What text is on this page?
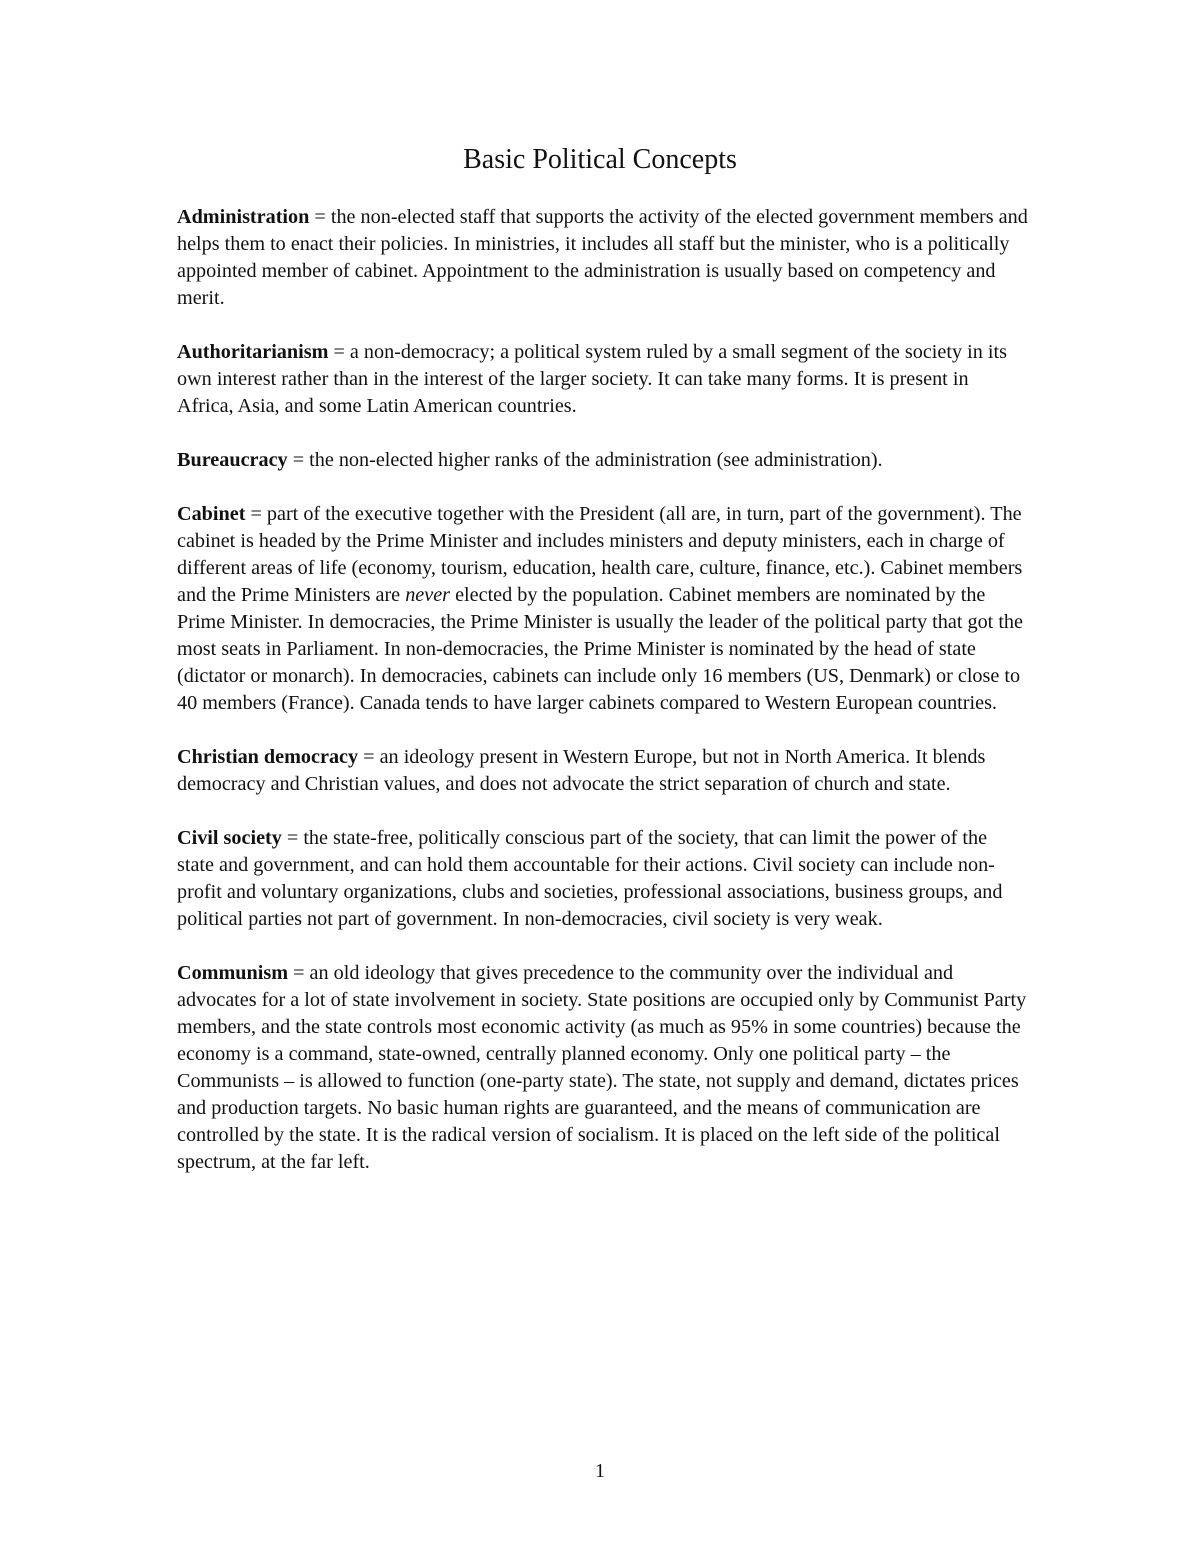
Basic Political Concepts

Administration = the non-elected staff that supports the activity of the elected government members and helps them to enact their policies. In ministries, it includes all staff but the minister, who is a politically appointed member of cabinet. Appointment to the administration is usually based on competency and merit.

Authoritarianism = a non-democracy; a political system ruled by a small segment of the society in its own interest rather than in the interest of the larger society. It can take many forms. It is present in Africa, Asia, and some Latin American countries.

Bureaucracy = the non-elected higher ranks of the administration (see administration).

Cabinet = part of the executive together with the President (all are, in turn, part of the government). The cabinet is headed by the Prime Minister and includes ministers and deputy ministers, each in charge of different areas of life (economy, tourism, education, health care, culture, finance, etc.). Cabinet members and the Prime Ministers are never elected by the population. Cabinet members are nominated by the Prime Minister. In democracies, the Prime Minister is usually the leader of the political party that got the most seats in Parliament. In non-democracies, the Prime Minister is nominated by the head of state (dictator or monarch). In democracies, cabinets can include only 16 members (US, Denmark) or close to 40 members (France). Canada tends to have larger cabinets compared to Western European countries.

Christian democracy = an ideology present in Western Europe, but not in North America. It blends democracy and Christian values, and does not advocate the strict separation of church and state.

Civil society = the state-free, politically conscious part of the society, that can limit the power of the state and government, and can hold them accountable for their actions. Civil society can include non-profit and voluntary organizations, clubs and societies, professional associations, business groups, and political parties not part of government. In non-democracies, civil society is very weak.

Communism = an old ideology that gives precedence to the community over the individual and advocates for a lot of state involvement in society. State positions are occupied only by Communist Party members, and the state controls most economic activity (as much as 95% in some countries) because the economy is a command, state-owned, centrally planned economy. Only one political party – the Communists – is allowed to function (one-party state). The state, not supply and demand, dictates prices and production targets. No basic human rights are guaranteed, and the means of communication are controlled by the state. It is the radical version of socialism. It is placed on the left side of the political spectrum, at the far left.

1
